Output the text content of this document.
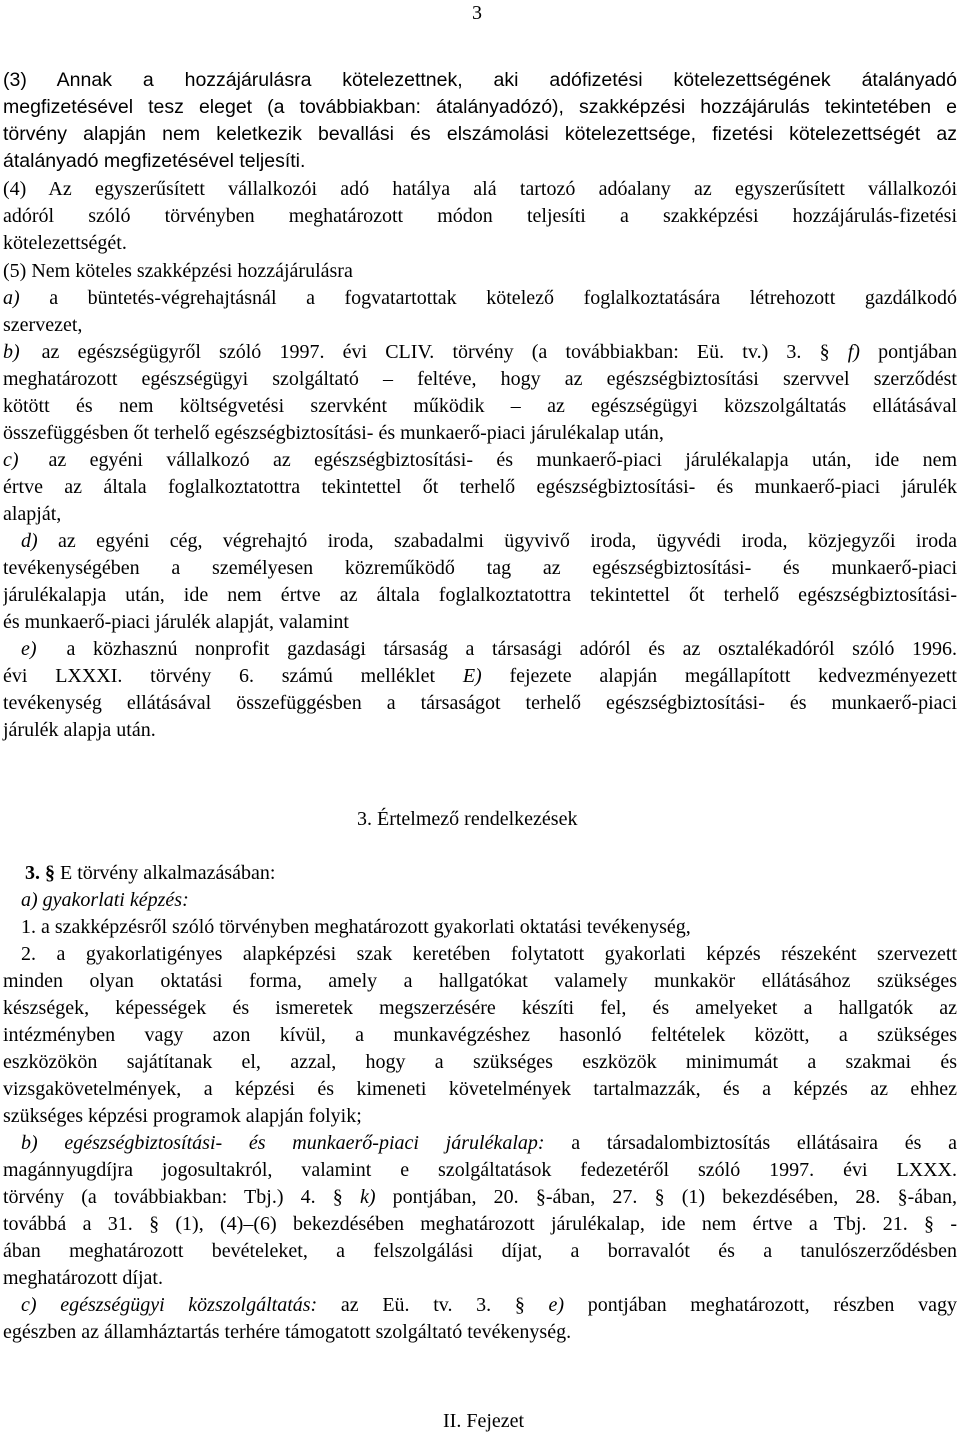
3
(3) Annak a hozzájárulásra kötelezettnek, aki adófizetési kötelezettségének átalányadó
megfizetésével tesz eleget (a továbbiakban: átalányadózó), szakképzési hozzájárulás tekintetében e
törvény alapján nem keletkezik bevallási és elszámolási kötelezettsége, fizetési kötelezettségét az
átalányadó megfizetésével teljesíti.
(4) Az egyszerűsített vállalkozói adó hatálya alá tartozó adóalany az egyszerűsített vállalkozói
adóról szóló törvényben meghatározott módon teljesíti a szakképzési hozzájárulás-fizetési
kötelezettségét.
(5) Nem köteles szakképzési hozzájárulásra
a) a büntetés-végrehajtásnál a fogvatartottak kötelező foglalkoztatására létrehozott gazdálkodó
szervezet,
b) az egészségügyről szóló 1997. évi CLIV. törvény (a továbbiakban: Eü. tv.) 3. § f) pontjában
meghatározott egészségügyi szolgáltató – feltéve, hogy az egészségbiztosítási szervvel szerződést
kötött és nem költségvetési szervként működik – az egészségügyi közszolgáltatás ellátásával
összefüggésben őt terhelő egészségbiztosítási- és munkaerő-piaci járulékalap után,
c) az egyéni vállalkozó az egészségbiztosítási- és munkaerő-piaci járulékalapja után, ide nem
értve az általa foglalkoztatottra tekintettel őt terhelő egészségbiztosítási- és munkaerő-piaci járulék
alapját,
d) az egyéni cég, végrehajtó iroda, szabadalmi ügyvivő iroda, ügyvédi iroda, közjegyzői iroda
tevékenységében a személyesen közreműködő tag az egészségbiztosítási- és munkaerő-piaci
járulékalapja után, ide nem értve az általa foglalkoztatottra tekintettel őt terhelő egészségbiztosítási-
és munkaerő-piaci járulék alapját, valamint
e) a közhasznú nonprofit gazdasági társaság a társasági adóról és az osztalékadóról szóló 1996.
évi LXXXI. törvény 6. számú melléklet E) fejezete alapján megállapított kedvezményezett
tevékenység ellátásával összefüggésben a társaságot terhelő egészségbiztosítási- és munkaerő-piaci
járulék alapja után.
3. Értelmező rendelkezések
3. § E törvény alkalmazásában:
a) gyakorlati képzés:
1. a szakképzésről szóló törvényben meghatározott gyakorlati oktatási tevékenység,
2. a gyakorlatigényes alapképzési szak keretében folytatott gyakorlati képzés részeként szervezett
minden olyan oktatási forma, amely a hallgatókat valamely munkakör ellátásához szükséges
készségek, képességek és ismeretek megszerzésére készíti fel, és amelyeket a hallgatók az
intézményben vagy azon kívül, a munkavégzéshez hasonló feltételek között, a szükséges
eszközökön sajátítanak el, azzal, hogy a szükséges eszközök minimumát a szakmai és
vizsgakövetelmények, a képzési és kimeneti követelmények tartalmazzák, és a képzés az ehhez
szükséges képzési programok alapján folyik;
b) egészségbiztosítási- és munkaerő-piaci járulékalap: a társadalombiztosítás ellátásaira és a
magánnyugdíjra jogosultakról, valamint e szolgáltatások fedezetéről szóló 1997. évi LXXX.
törvény (a továbbiakban: Tbj.) 4. § k) pontjában, 20. §-ában, 27. § (1) bekezdésében, 28. §-ában,
továbbá a 31. § (1), (4)–(6) bekezdésében meghatározott járulékalap, ide nem értve a Tbj. 21. § -
ában meghatározott bevételeket, a felszolgálási díjat, a borravalót és a tanulószerződésben
meghatározott díjat.
c) egészségügyi közszolgáltatás: az Eü. tv. 3. § e) pontjában meghatározott, részben vagy
egészben az államháztartás terhére támogatott szolgáltató tevékenység.
II. Fejezet
